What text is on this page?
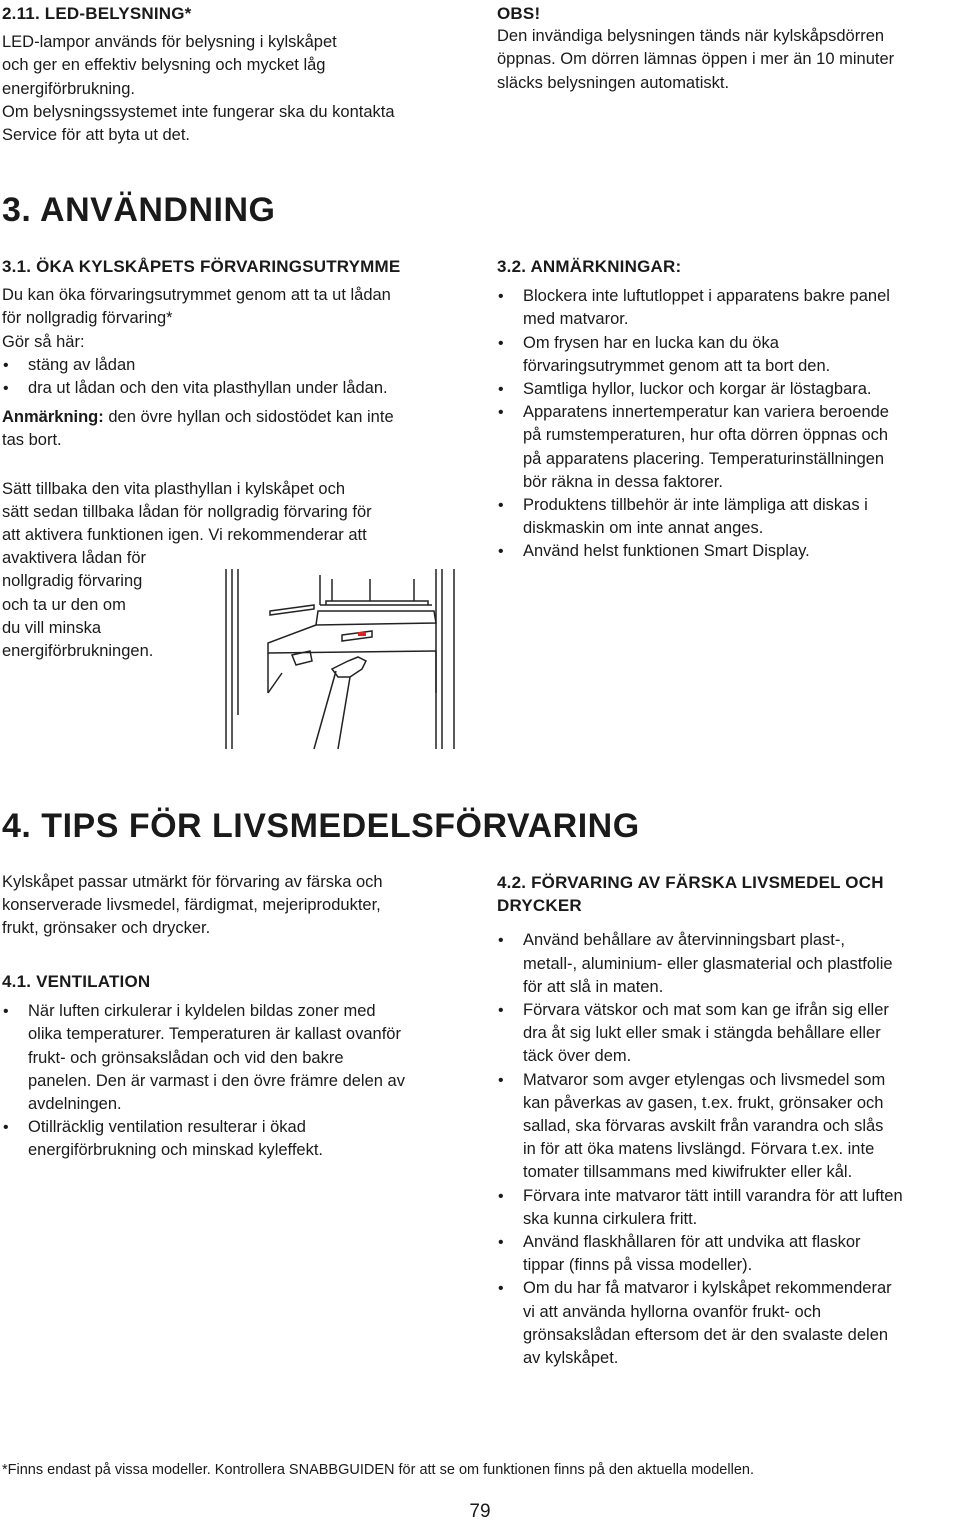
2.11. LED-BELYSNING*

LED-lampor används för belysning i kylskåpet

och ger en effektiv belysning och mycket låg

energiförbrukning.

Om belysningssystemet inte fungerar ska du kontakta

Service för att byta ut det.

OBS!

Den invändiga belysningen tänds när kylskåpsdörren

öppnas. Om dörren lämnas öppen i mer än 10 minuter

släcks belysningen automatiskt.

3. ANVÄNDNING
3.1. ÖKA KYLSKÅPETS FÖRVARINGSUTRYMME

Du kan öka förvaringsutrymmet genom att ta ut lådan

för nollgradig förvaring*

Gör så här:

• stäng av lådan
• dra ut lådan och den vita plasthyllan under lådan.

Anmärkning: den övre hyllan och sidostödet kan inte

tas bort.

Sätt tillbaka den vita plasthyllan i kylskåpet och

sätt sedan tillbaka lådan för nollgradig förvaring för

att aktivera funktionen igen. Vi rekommenderar att

avaktivera lådan för

nollgradig förvaring

och ta ur den om

du vill minska

energiförbrukningen.

3.2. ANMÄRKNINGAR:

• Blockera inte luftutloppet i apparatens bakre panel

med matvaror.

• Om frysen har en lucka kan du öka

förvaringsutrymmet genom att ta bort den.

• Samtliga hyllor, luckor och korgar är löstagbara.

• Apparatens innertemperatur kan variera beroende

på rumstemperaturen, hur ofta dörren öppnas och

på apparatens placering. Temperaturinställningen

bör räkna in dessa faktorer.

• Produktens tillbehör är inte lämpliga att diskas i

diskmaskin om inte annat anges.

• Använd helst funktionen Smart Display.

4. TIPS FÖR LIVSMEDELSFÖRVARING

Kylskåpet passar utmärkt för förvaring av färska och

konserverade livsmedel, färdigmat, mejeriprodukter,

frukt, grönsaker och drycker.

4.1. VENTILATION

• När luften cirkulerar i kyldelen bildas zoner med

olika temperaturer. Temperaturen är kallast ovanför

frukt- och grönsakslådan och vid den bakre

panelen. Den är varmast i den övre främre delen av

avdelningen.

• Otillräcklig ventilation resulterar i ökad

energiförbrukning och minskad kyleffekt.

4.2. FÖRVARING AV FÄRSKA LIVSMEDEL OCH
DRYCKER

• Använd behållare av återvinningsbart plast-,

metall-, aluminium- eller glasmaterial och plastfolie

för att slå in maten.

• Förvara vätskor och mat som kan ge ifrån sig eller

dra åt sig lukt eller smak i stängda behållare eller

täck över dem.

• Matvaror som avger etylengas och livsmedel som

kan påverkas av gasen, t.ex. frukt, grönsaker och

sallad, ska förvaras avskilt från varandra och slås

in för att öka matens livslängd. Förvara t.ex. inte

tomater tillsammans med kiwifrukter eller kål.

• Förvara inte matvaror tätt intill varandra för att luften

ska kunna cirkulera fritt.

• Använd flaskhållaren för att undvika att flaskor

tippar (finns på vissa modeller).

• Om du har få matvaror i kylskåpet rekommenderar

vi att använda hyllorna ovanför frukt- och

grönsakslådan eftersom det är den svalaste delen

av kylskåpet.

*Finns endast på vissa modeller. Kontrollera SNABBGUIDEN för att se om funktionen finns på den aktuella modellen.

79
